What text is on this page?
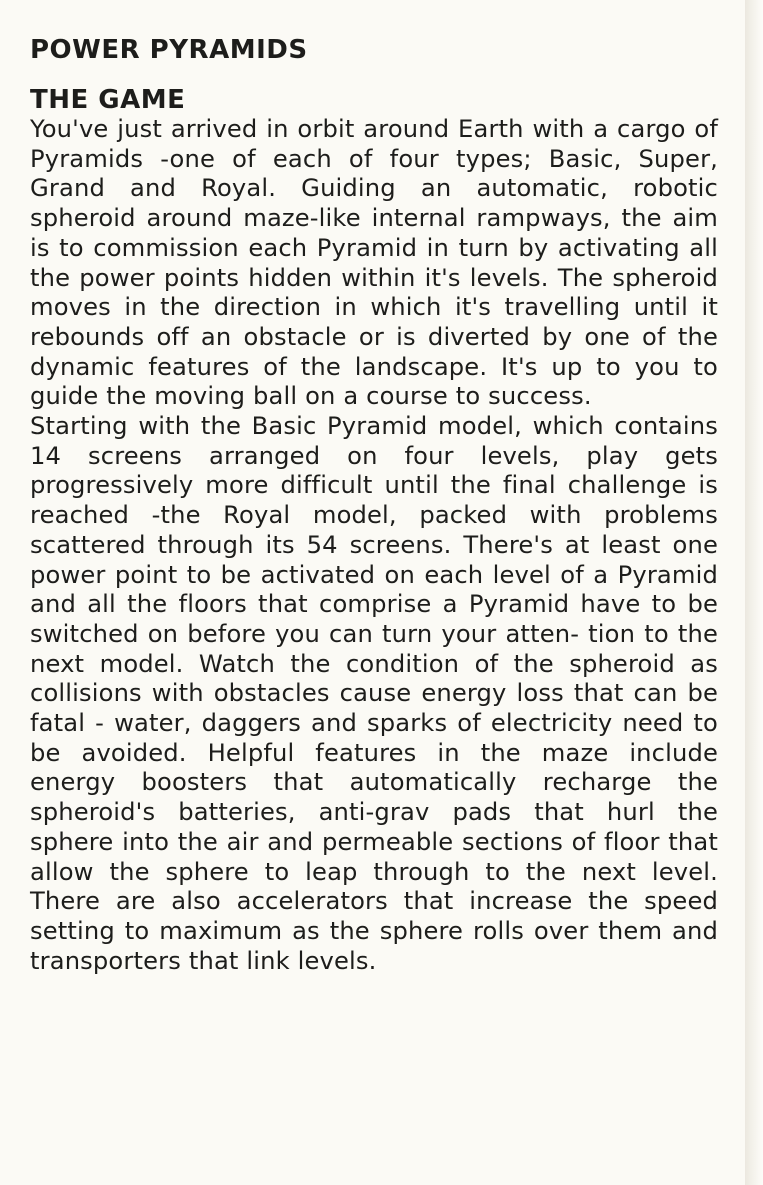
POWER PYRAMIDS
THE GAME

You've just arrived in orbit around Earth with a cargo of Pyramids -one of each of four types; Basic, Super, Grand and Royal. Guiding an automatic, robotic spheroid around maze-like internal rampways, the aim is to commission each Pyramid in turn by activating all the power points hidden within it's levels. The spheroid moves in the direction in which it's travelling until it rebounds off an obstacle or is diverted by one of the dynamic features of the landscape. It's up to you to guide the moving ball on a course to success.

Starting with the Basic Pyramid model, which contains 14 screens arranged on four levels, play gets progressively more difficult until the final challenge is reached -the Royal model, packed with problems scattered through its 54 screens. There's at least one power point to be activated on each level of a Pyramid and all the floors that comprise a Pyramid have to be switched on before you can turn your atten- tion to the next model. Watch the condition of the spheroid as collisions with obstacles cause energy loss that can be fatal - water, daggers and sparks of electricity need to be avoided. Helpful features in the maze include energy boosters that automatically recharge the spheroid's batteries, anti-grav pads that hurl the sphere into the air and permeable sections of floor that allow the sphere to leap through to the next level. There are also accelerators that increase the speed setting to maximum as the sphere rolls over them and transporters that link levels.
